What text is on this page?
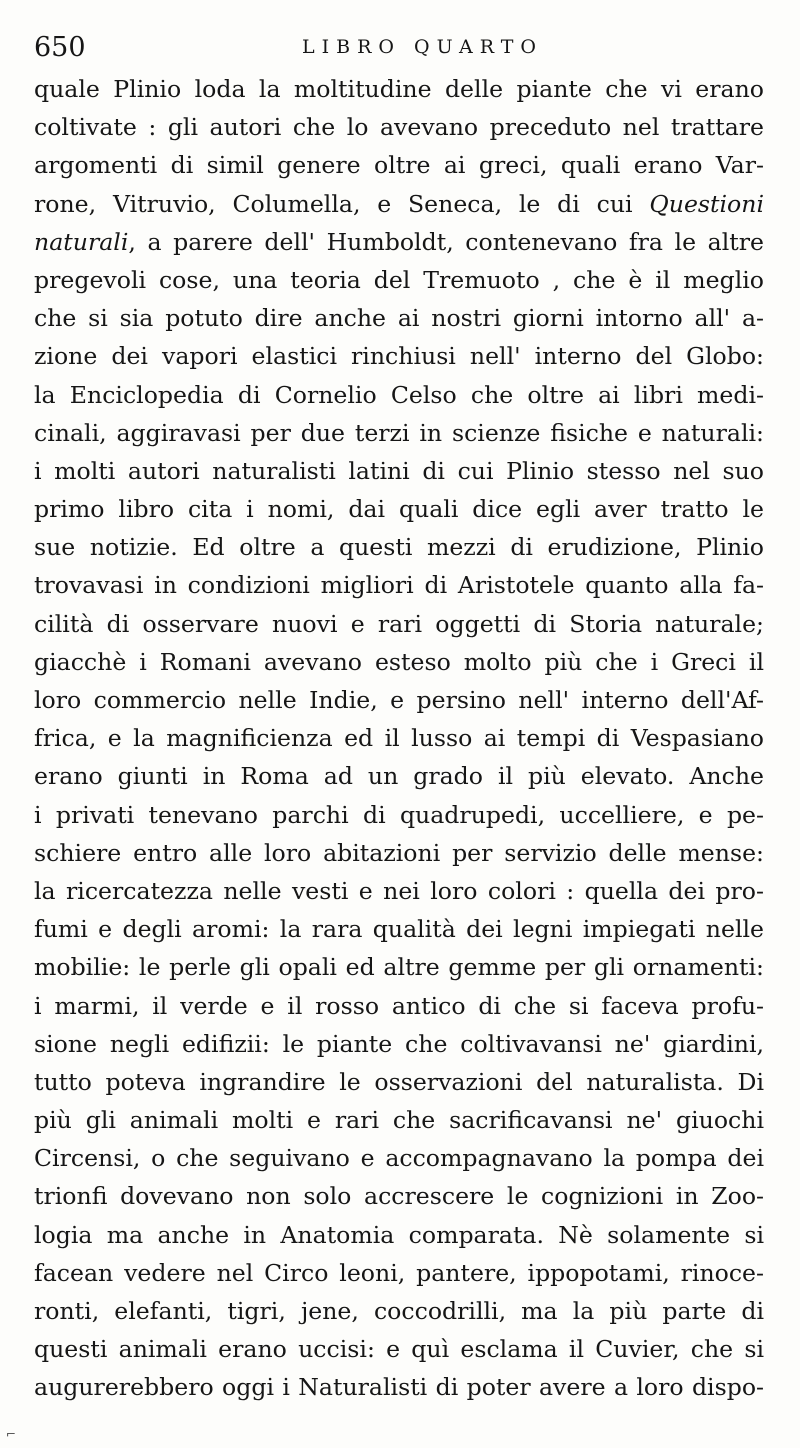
650	LIBRO QUARTO
quale Plinio loda la moltitudine delle piante che vi erano
coltivate : gli autori che lo avevano preceduto nel trattare
argomenti di simil genere oltre ai greci, quali erano Var-
rone, Vitruvio, Columella, e Seneca, le di cui Questioni
naturali, a parere dell' Humboldt, contenevano fra le altre
pregevoli cose, una teoria del Tremuoto , che è il meglio
che si sia potuto dire anche ai nostri giorni intorno all' a-
zione dei vapori elastici rinchiusi nell' interno del Globo:
la Enciclopedia di Cornelio Celso che oltre ai libri medi-
cinali, aggiravasi per due terzi in scienze fisiche e naturali:
i molti autori naturalisti latini di cui Plinio stesso nel suo
primo libro cita i nomi, dai quali dice egli aver tratto le
sue notizie. Ed oltre a questi mezzi di erudizione, Plinio
trovavasi in condizioni migliori di Aristotele quanto alla fa-
cilità di osservare nuovi e rari oggetti di Storia naturale;
giacchè i Romani avevano esteso molto più che i Greci il
loro commercio nelle Indie, e persino nell' interno dell'Af-
frica, e la magnificienza ed il lusso ai tempi di Vespasiano
erano giunti in Roma ad un grado il più elevato. Anche
i privati tenevano parchi di quadrupedi, uccelliere, e pe-
schiere entro alle loro abitazioni per servizio delle mense:
la ricercatezza nelle vesti e nei loro colori : quella dei pro-
fumi e degli aromi: la rara qualità dei legni impiegati nelle
mobilie: le perle gli opali ed altre gemme per gli ornamenti:
i marmi, il verde e il rosso antico di che si faceva profu-
sione negli edifizii: le piante che coltivavansi ne' giardini,
tutto poteva ingrandire le osservazioni del naturalista. Di
più gli animali molti e rari che sacrificavansi ne' giuochi
Circensi, o che seguivano e accompagnavano la pompa dei
trionfi dovevano non solo accrescere le cognizioni in Zoo-
logia ma anche in Anatomia comparata. Nè solamente si
facean vedere nel Circo leoni, pantere, ippopotami, rinoce-
ronti, elefanti, tigri, jene, coccodrilli, ma la più parte di
questi animali erano uccisi: e quì esclama il Cuvier, che si
augurerebbero oggi i Naturalisti di poter avere a loro dispo-
⌐
